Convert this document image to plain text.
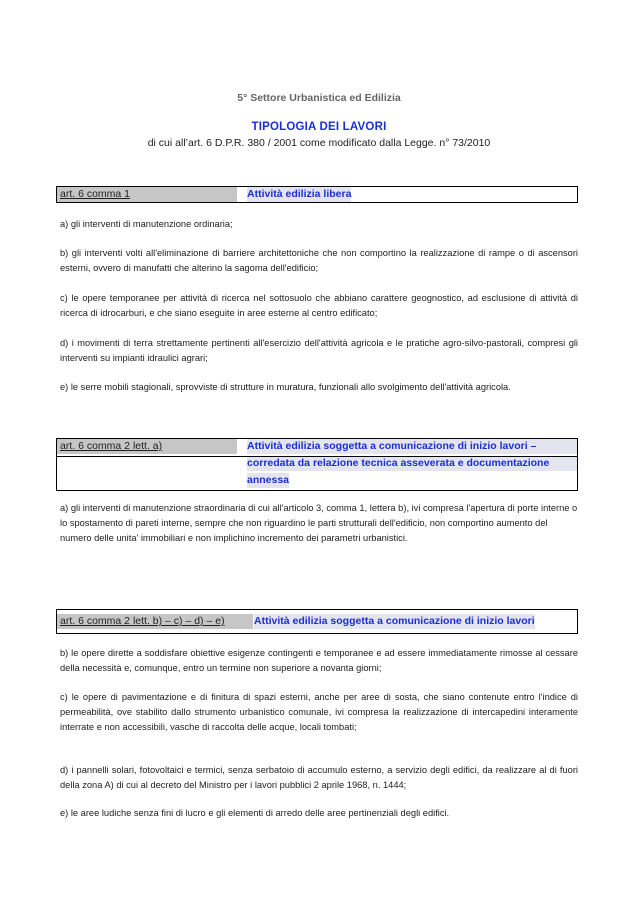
5° Settore Urbanistica ed Edilizia
TIPOLOGIA DEI LAVORI
di cui all’art. 6 D.P.R. 380 / 2001 come modificato dalla Legge. n° 73/2010
art. 6 comma 1	Attività edilizia libera

a) gli interventi di manutenzione ordinaria;

b) gli interventi volti all'eliminazione di barriere architettoniche che non comportino la realizzazione di rampe o di ascensori esterni, ovvero di manufatti che alterino la sagoma dell'edificio;

c) le opere temporanee per attività di ricerca nel sottosuolo che abbiano carattere geognostico, ad esclusione di attività di ricerca di idrocarburi, e che siano eseguite in aree esterne al centro edificato;

d) i movimenti di terra strettamente pertinenti all'esercizio dell'attività agricola e le pratiche agro-silvo-pastorali, compresi gli interventi su impianti idraulici agrari;

e) le serre mobili stagionali, sprovviste di strutture in muratura, funzionali allo svolgimento dell'attività agricola.

art. 6 comma 2 lett. a)	Attività edilizia soggetta a comunicazione di inizio lavori –
corredata da relazione tecnica asseverata e documentazione
annessa

a) gli interventi di manutenzione straordinaria di cui all'articolo 3, comma 1, lettera b), ivi compresa l'apertura di porte interne o lo spostamento di pareti interne, sempre che non riguardino le parti strutturali dell'edificio, non comportino aumento del numero delle unita' immobiliari e non implichino incremento dei parametri urbanistici.

art. 6 comma 2 lett. b) – c) – d) – e)	Attività edilizia soggetta a comunicazione di inizio lavori

b) le opere dirette a soddisfare obiettive esigenze contingenti e temporanee e ad essere immediatamente rimosse al cessare della necessità e, comunque, entro un termine non superiore a novanta giorni;

c) le opere di pavimentazione e di finitura di spazi esterni, anche per aree di sosta, che siano contenute entro l'indice di permeabilità, ove stabilito dallo strumento urbanistico comunale, ivi compresa la realizzazione di intercapedini interamente interrate e non accessibili, vasche di raccolta delle acque, locali tombati;

d) i pannelli solari, fotovoltaici e termici, senza serbatoio di accumulo esterno, a servizio degli edifici, da realizzare al di fuori della zona A) di cui al decreto del Ministro per i lavori pubblici 2 aprile 1968, n. 1444;

e) le aree ludiche senza fini di lucro e gli elementi di arredo delle aree pertinenziali degli edifici.
